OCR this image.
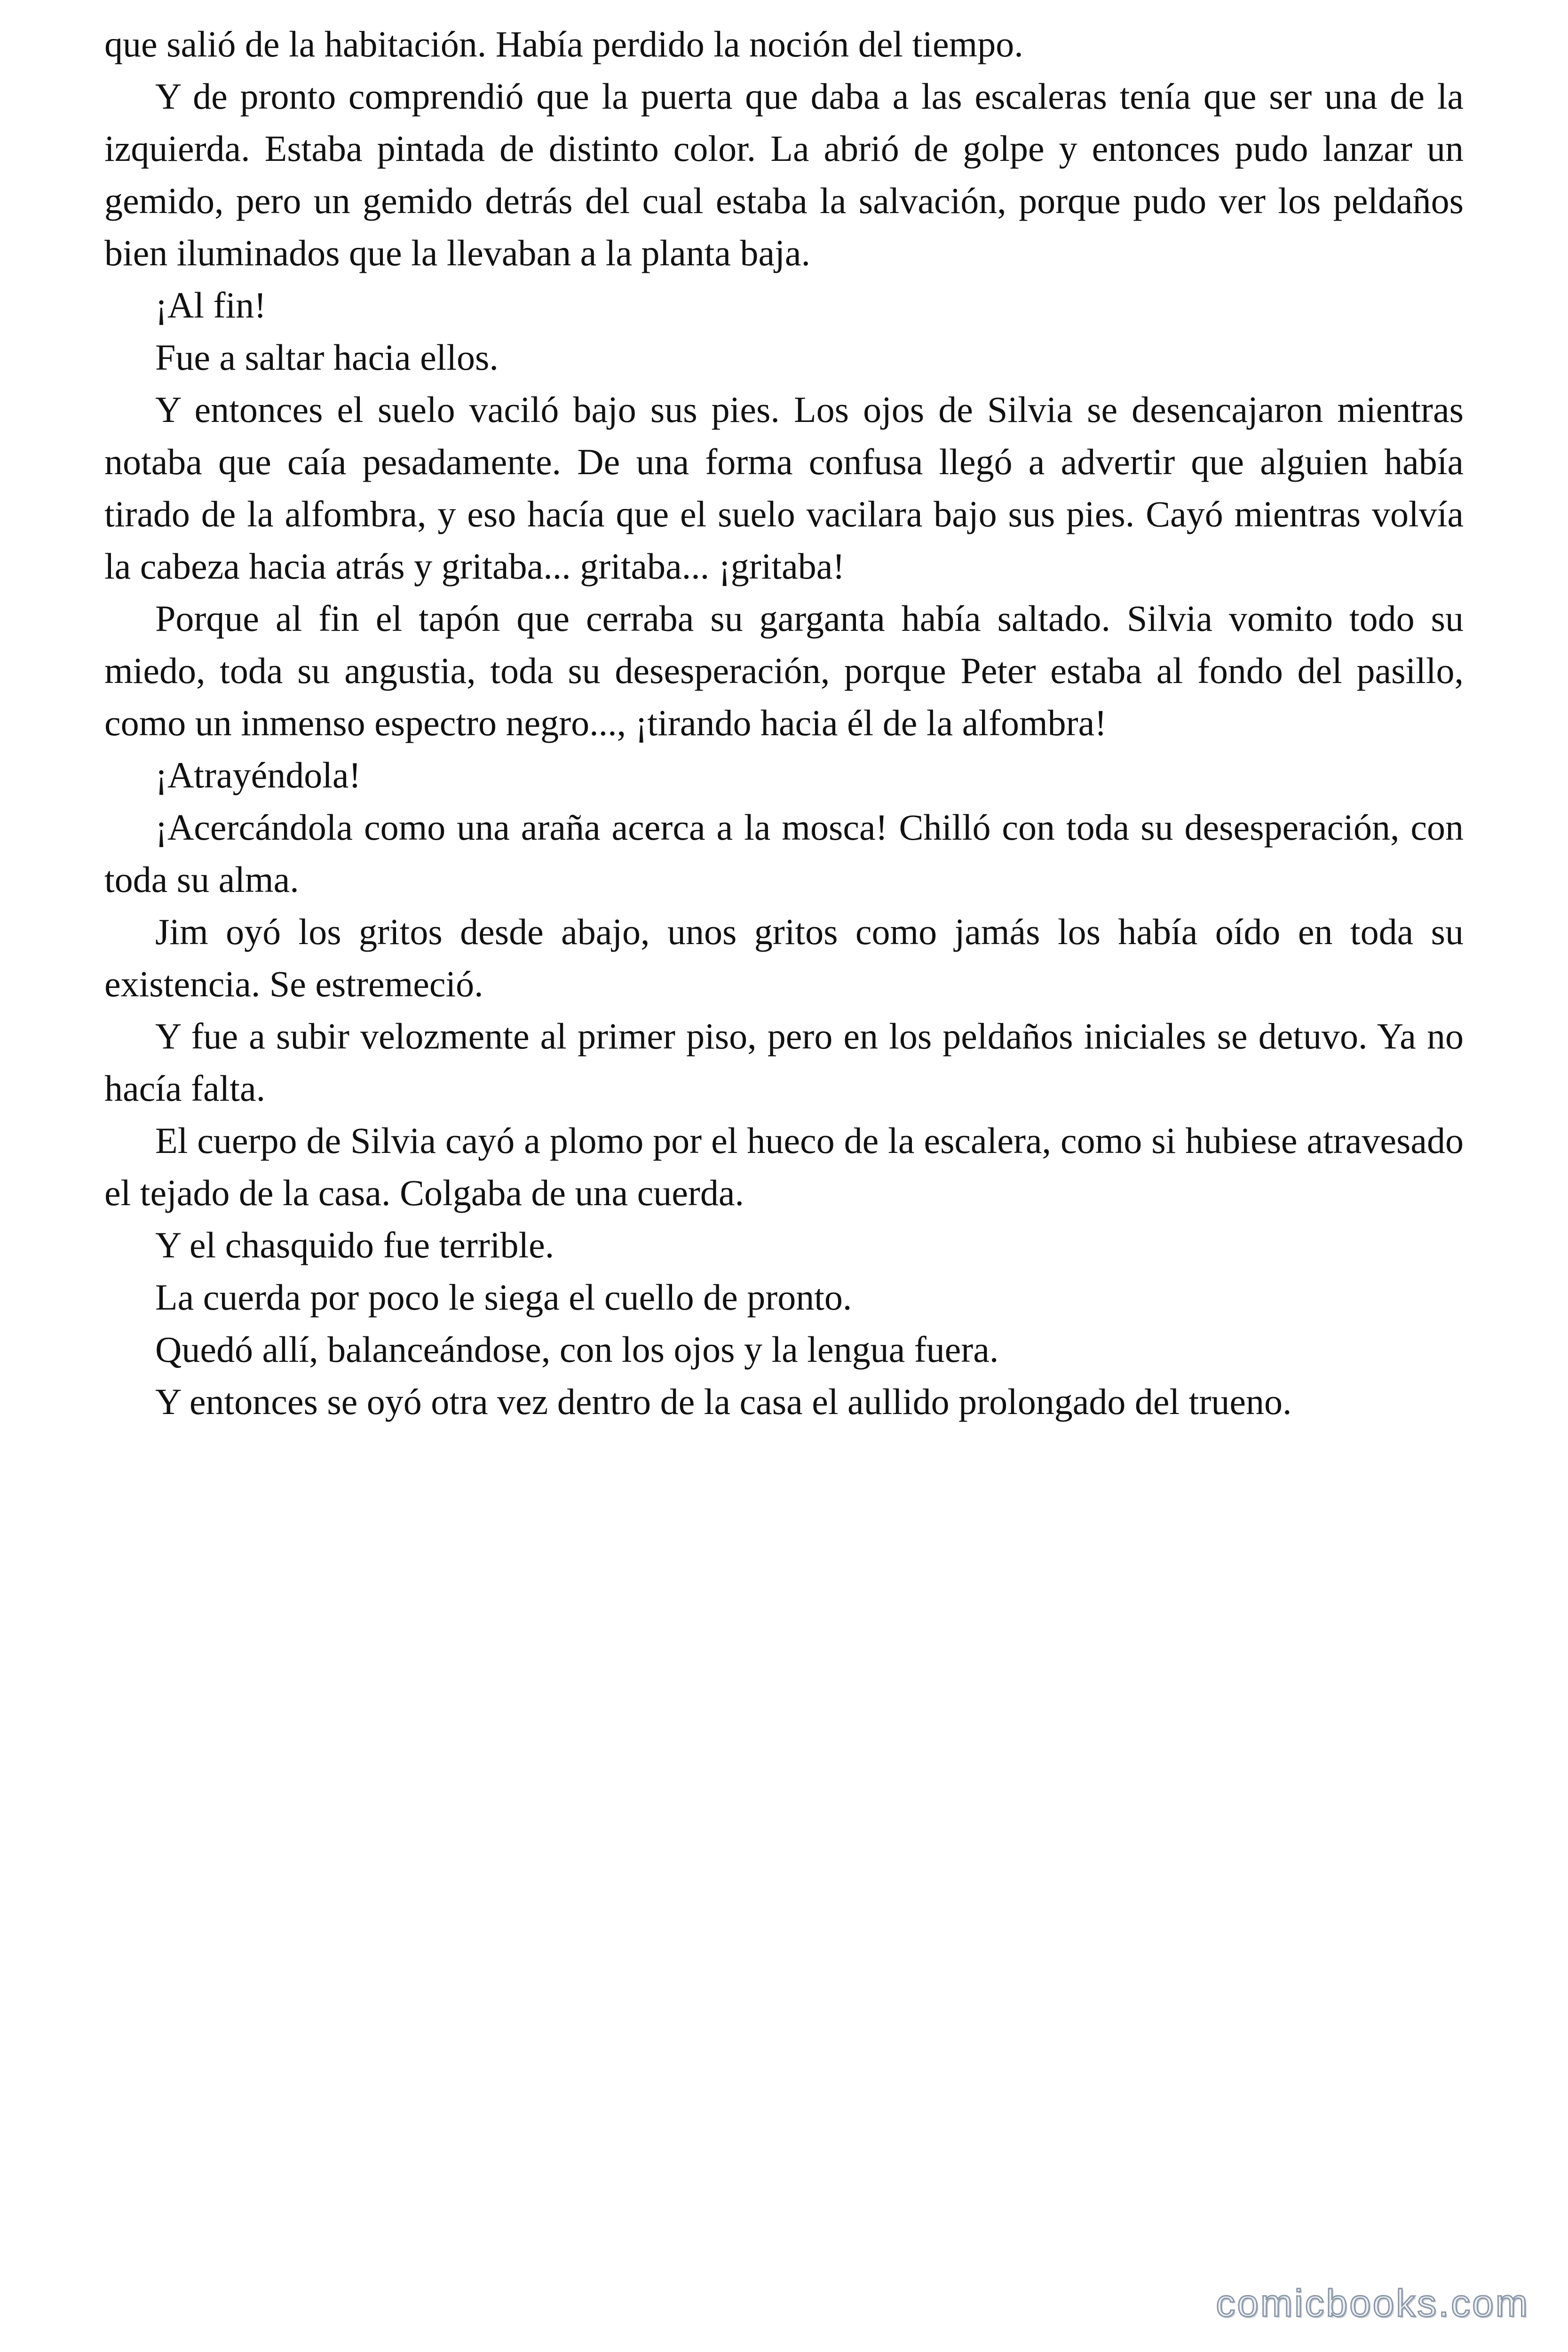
que salió de la habitación. Había perdido la noción del tiempo.

Y de pronto comprendió que la puerta que daba a las escaleras tenía que ser una de la izquierda. Estaba pintada de distinto color. La abrió de golpe y entonces pudo lanzar un gemido, pero un gemido detrás del cual estaba la salvación, porque pudo ver los peldaños bien iluminados que la llevaban a la planta baja.

¡Al fin!

Fue a saltar hacia ellos.

Y entonces el suelo vaciló bajo sus pies. Los ojos de Silvia se desencajaron mientras notaba que caía pesadamente. De una forma confusa llegó a advertir que alguien había tirado de la alfombra, y eso hacía que el suelo vacilara bajo sus pies. Cayó mientras volvía la cabeza hacia atrás y gritaba... gritaba... ¡gritaba!

Porque al fin el tapón que cerraba su garganta había saltado. Silvia vomito todo su miedo, toda su angustia, toda su desesperación, porque Peter estaba al fondo del pasillo, como un inmenso espectro negro..., ¡tirando hacia él de la alfombra!

¡Atrayéndola!

¡Acercándola como una araña acerca a la mosca! Chilló con toda su desesperación, con toda su alma.

Jim oyó los gritos desde abajo, unos gritos como jamás los había oído en toda su existencia. Se estremeció.

Y fue a subir velozmente al primer piso, pero en los peldaños iniciales se detuvo. Ya no hacía falta.

El cuerpo de Silvia cayó a plomo por el hueco de la escalera, como si hubiese atravesado el tejado de la casa. Colgaba de una cuerda.

Y el chasquido fue terrible.

La cuerda por poco le siega el cuello de pronto.

Quedó allí, balanceándose, con los ojos y la lengua fuera.

Y entonces se oyó otra vez dentro de la casa el aullido prolongado del trueno.

comicbooks.com
